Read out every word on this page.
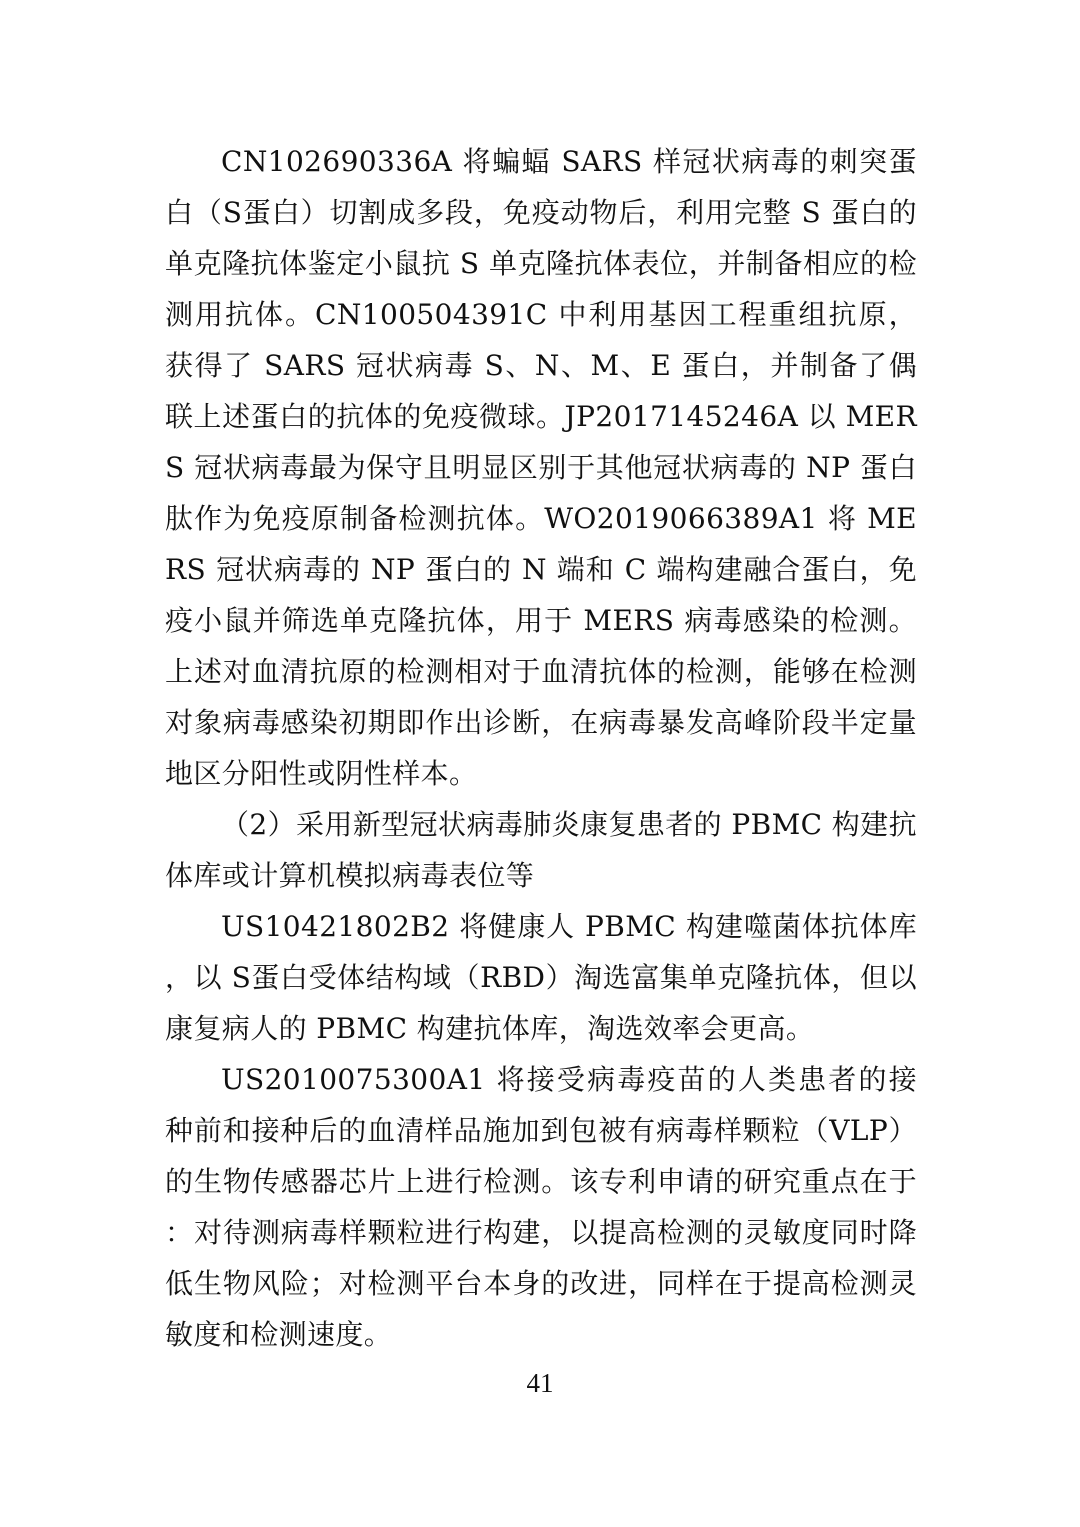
CN102690336A 将蝙蝠 SARS 样冠状病毒的刺突蛋白（S蛋白）切割成多段，免疫动物后，利用完整 S 蛋白的单克隆抗体鉴定小鼠抗 S 单克隆抗体表位，并制备相应的检测用抗体。CN100504391C 中利用基因工程重组抗原，获得了 SARS 冠状病毒 S、N、M、E 蛋白，并制备了偶联上述蛋白的抗体的免疫微球。JP2017145246A 以 MERS 冠状病毒最为保守且明显区别于其他冠状病毒的 NP 蛋白肽作为免疫原制备检测抗体。WO2019066389A1 将 MERS 冠状病毒的 NP 蛋白的 N 端和 C 端构建融合蛋白，免疫小鼠并筛选单克隆抗体，用于 MERS 病毒感染的检测。上述对血清抗原的检测相对于血清抗体的检测，能够在检测对象病毒感染初期即作出诊断，在病毒暴发高峰阶段半定量地区分阳性或阴性样本。

（2）采用新型冠状病毒肺炎康复患者的 PBMC 构建抗体库或计算机模拟病毒表位等

US10421802B2 将健康人 PBMC 构建噬菌体抗体库，以 S蛋白受体结构域（RBD）淘选富集单克隆抗体，但以康复病人的 PBMC 构建抗体库，淘选效率会更高。

US2010075300A1 将接受病毒疫苗的人类患者的接种前和接种后的血清样品施加到包被有病毒样颗粒（VLP）的生物传感器芯片上进行检测。该专利申请的研究重点在于：对待测病毒样颗粒进行构建，以提高检测的灵敏度同时降低生物风险；对检测平台本身的改进，同样在于提高检测灵敏度和检测速度。

41
